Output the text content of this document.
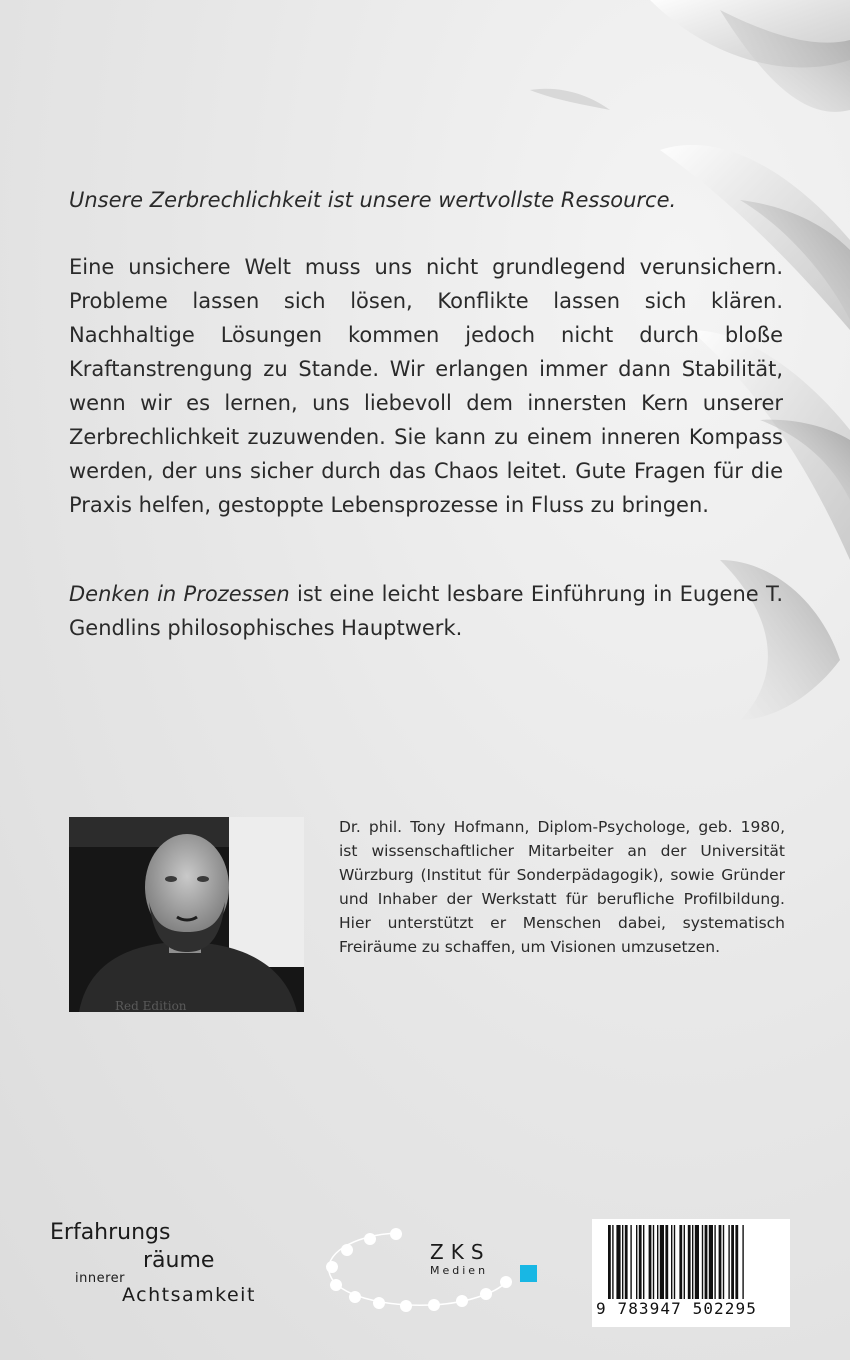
Unsere Zerbrechlichkeit ist unsere wertvollste Ressource.

Eine unsichere Welt muss uns nicht grundlegend verunsichern. Probleme lassen sich lösen, Konflikte lassen sich klären. Nachhaltige Lösungen kommen jedoch nicht durch bloße Kraftanstrengung zu Stande. Wir erlangen immer dann Stabilität, wenn wir es lernen, uns liebevoll dem innersten Kern unserer Zerbrechlichkeit zuzuwenden. Sie kann zu einem inneren Kompass werden, der uns sicher durch das Chaos leitet. Gute Fragen für die Praxis helfen, gestoppte Lebensprozesse in Fluss zu bringen.

Denken in Prozessen ist eine leicht lesbare Einführung in Eugene T. Gendlins philosophisches Hauptwerk.

Red Edition

Dr. phil. Tony Hofmann, Diplom-Psychologe, geb. 1980, ist wissenschaftlicher Mitarbeiter an der Universität Würzburg (Institut für Sonderpädagogik), sowie Gründer und Inhaber der Werkstatt für berufliche Profilbildung. Hier unterstützt er Menschen dabei, systematisch Freiräume zu schaffen, um Visionen umzusetzen.

Erfahrungs
räume
innerer
Achtsamkeit
ZKS
Medien
9 783947 502295
